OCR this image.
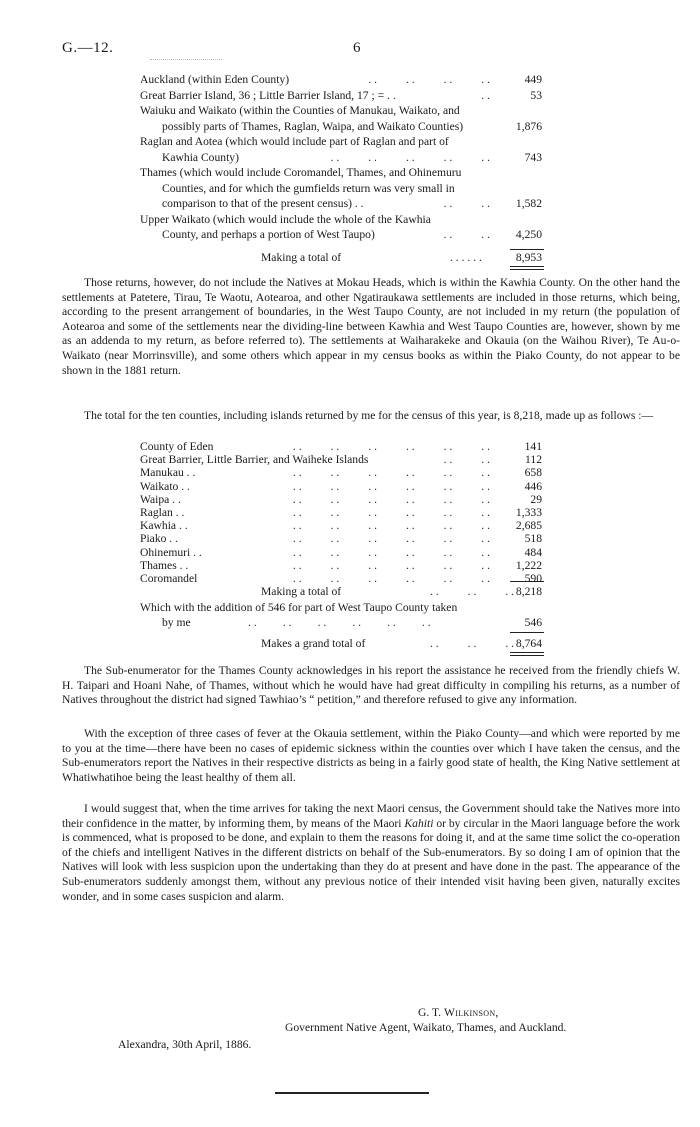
G.—12.	6
Auckland (within Eden County)	. .          . .          . .          . .	449
Great Barrier Island, 36 ; Little Barrier Island, 17 ; = . .	. .	53
Waiuku and Waikato (within the Counties of Manukau, Waikato, and
possibly parts of Thames, Raglan, Waipa, and Waikato Counties)	1,876
Raglan and Aotea (which would include part of Raglan and part of
Kawhia County)	. .          . .          . .          . .          . .	743
Thames (which would include Coromandel, Thames, and Ohinemuru
Counties, and for which the gumfields return was very small in
comparison to that of the present census) . .	. .          . . 1,582
Upper Waikato (which would include the whole of the Kawhia
County, and perhaps a portion of West Taupo)	. .          . . 4,250
Making a total of	. . . . . .	8,953

Those returns, however, do not include the Natives at Mokau Heads, which is within the Kawhia County. On the other hand the settlements at Patetere, Tirau, Te Waotu, Aotearoa, and other Ngatiraukawa settlements are included in those returns, which being, according to the present arrangement of boundaries, in the West Taupo County, are not included in my return (the population of Aotearoa and some of the settlements near the dividing-line between Kawhia and West Taupo Counties are, however, shown by me as an addenda to my return, as before referred to). The settlements at Waiharakeke and Okauia (on the Waihou River), Te Au-o-Waikato (near Morrinsville), and some others which appear in my census books as within the Piako County, do not appear to be shown in the 1881 return.

The total for the ten counties, including islands returned by me for the census of this year, is 8,218, made up as follows :—

County of Eden	. .          . .          . .          . .          . .          . .	141
Great Barrier, Little Barrier, and Waiheke Islands	. .          . .	112
Manukau . .	. .          . .          . .          . .          . .          . .	658
Waikato . .	. .          . .          . .          . .          . .          . .	446
Waipa . .	. .          . .          . .          . .          . .          . .	29
Raglan . .	. .          . .          . .          . .          . .          . . 1,333
Kawhia . .	. .          . .          . .          . .          . .          . . 2,685
Piako . .	. .          . .          . .          . .          . .          . .	518
Ohinemuri . .	. .          . .          . .          . .          . .          . .	484
Thames . .	. .          . .          . .          . .          . .          . . 1,222
Coromandel	. .          . .          . .          . .          . .          . .	590
Making a total of	. .          . .          . . 8,218
Which with the addition of 546 for part of West Taupo County taken
by me	. .         . .         . .         . .         . .         . .	546
Makes a grand total of	. .          . .          . . 8,764

The Sub-enumerator for the Thames County acknowledges in his report the assistance he received from the friendly chiefs W. H. Taipari and Hoani Nahe, of Thames, without which he would have had great difficulty in compiling his returns, as a number of Natives throughout the district had signed Tawhiao’s “ petition,” and therefore refused to give any information.

With the exception of three cases of fever at the Okauia settlement, within the Piako County—and which were reported by me to you at the time—there have been no cases of epidemic sickness within the counties over which I have taken the census, and the Sub-enumerators report the Natives in their respective districts as being in a fairly good state of health, the King Native settlement at Whatiwhatihoe being the least healthy of them all.

I would suggest that, when the time arrives for taking the next Maori census, the Government should take the Natives more into their confidence in the matter, by informing them, by means of the Maori Kahiti or by circular in the Maori language before the work is commenced, what is proposed to be done, and explain to them the reasons for doing it, and at the same time solict the co-operation of the chiefs and intelligent Natives in the different districts on behalf of the Sub-enumerators. By so doing I am of opinion that the Natives will look with less suspicion upon the undertaking than they do at present and have done in the past. The appearance of the Sub-enumerators suddenly amongst them, without any previous notice of their intended visit having been given, naturally excites wonder, and in some cases suspicion and alarm.

G. T. Wilkinson,
Government Native Agent, Waikato, Thames, and Auckland.
Alexandra, 30th April, 1886.
